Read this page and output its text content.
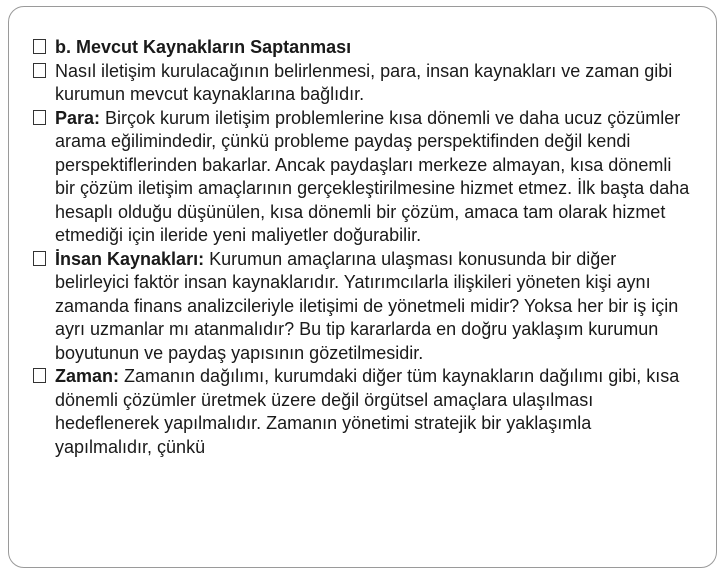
b. Mevcut Kaynakların Saptanması

Nasıl iletişim kurulacağının belirlenmesi, para, insan kaynakları ve zaman gibi kurumun mevcut kaynaklarına bağlıdır.

Para: Birçok kurum iletişim problemlerine kısa dönemli ve daha ucuz çözümler arama eğilimindedir, çünkü probleme paydaş perspektifinden değil kendi perspektiflerinden bakarlar. Ancak paydaşları merkeze almayan, kısa dönemli bir çözüm iletişim amaçlarının gerçekleştirilmesine hizmet etmez. İlk başta daha hesaplı olduğu düşünülen, kısa dönemli bir çözüm, amaca tam olarak hizmet etmediği için ileride yeni maliyetler doğurabilir.

İnsan Kaynakları: Kurumun amaçlarına ulaşması konusunda bir diğer belirleyici faktör insan kaynaklarıdır. Yatırımcılarla ilişkileri yöneten kişi aynı zamanda finans analizcileriyle iletişimi de yönetmeli midir? Yoksa her bir iş için ayrı uzmanlar mı atanmalıdır? Bu tip kararlarda en doğru yaklaşım kurumun boyutunun ve paydaş yapısının gözetilmesidir.

Zaman: Zamanın dağılımı, kurumdaki diğer tüm kaynakların dağılımı gibi, kısa dönemli çözümler üretmek üzere değil örgütsel amaçlara ulaşılması hedeflenerek yapılmalıdır. Zamanın yönetimi stratejik bir yaklaşımla yapılmalıdır, çünkü
